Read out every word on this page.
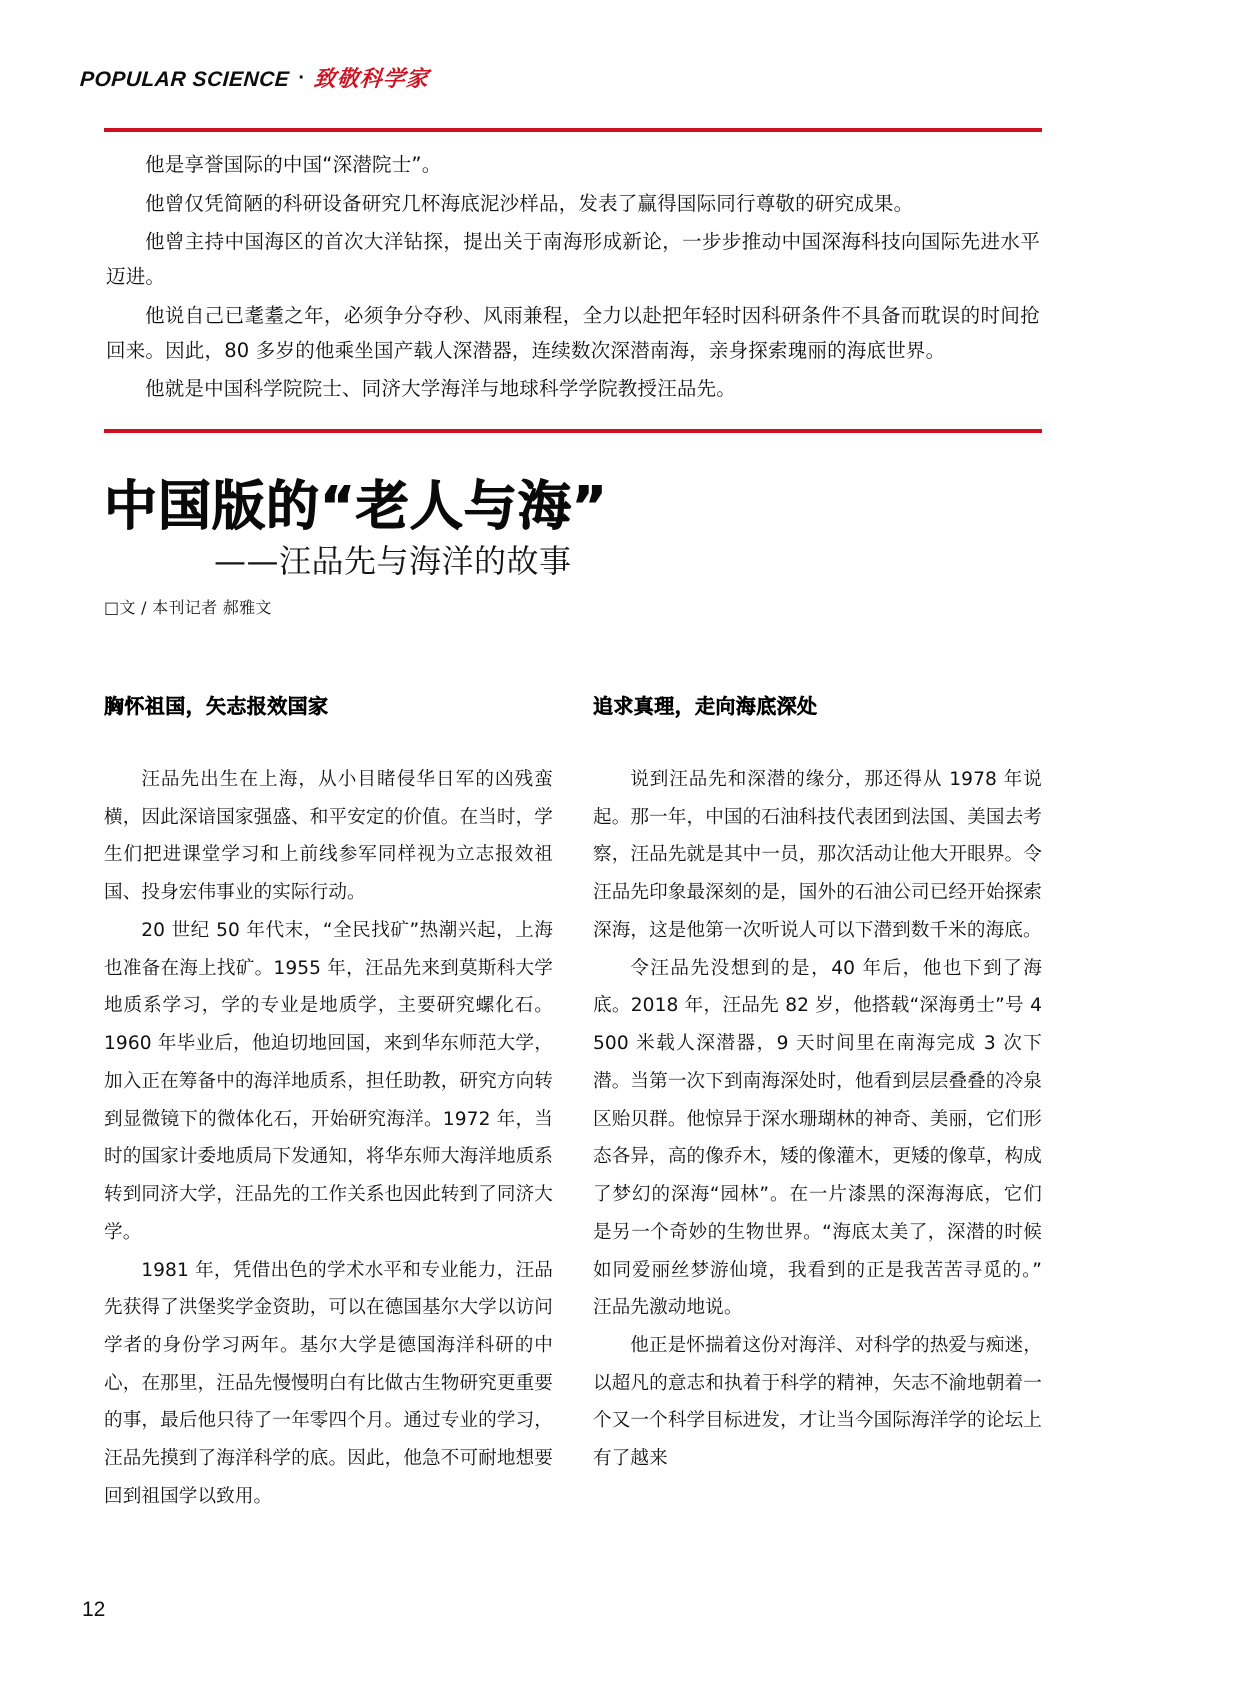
POPULAR SCIENCE · 致敬科学家

他是享誉国际的中国“深潜院士”。

他曾仅凭简陋的科研设备研究几杯海底泥沙样品，发表了赢得国际同行尊敬的研究成果。

他曾主持中国海区的首次大洋钻探，提出关于南海形成新论，一步步推动中国深海科技向国际先进水平迈进。

他说自己已耄耋之年，必须争分夺秒、风雨兼程，全力以赴把年轻时因科研条件不具备而耽误的时间抢回来。因此，80 多岁的他乘坐国产载人深潜器，连续数次深潜南海，亲身探索瑰丽的海底世界。

他就是中国科学院院士、同济大学海洋与地球科学学院教授汪品先。

中国版的“老人与海”
——汪品先与海洋的故事
□文 / 本刊记者 郝雅文
胸怀祖国，矢志报效国家

汪品先出生在上海，从小目睹侵华日军的凶残蛮横，因此深谙国家强盛、和平安定的价值。在当时，学生们把进课堂学习和上前线参军同样视为立志报效祖国、投身宏伟事业的实际行动。

20 世纪 50 年代末，“全民找矿”热潮兴起，上海也准备在海上找矿。1955 年，汪品先来到莫斯科大学地质系学习，学的专业是地质学，主要研究螺化石。1960 年毕业后，他迫切地回国，来到华东师范大学，加入正在筹备中的海洋地质系，担任助教，研究方向转到显微镜下的微体化石，开始研究海洋。1972 年，当时的国家计委地质局下发通知，将华东师大海洋地质系转到同济大学，汪品先的工作关系也因此转到了同济大学。

1981 年，凭借出色的学术水平和专业能力，汪品先获得了洪堡奖学金资助，可以在德国基尔大学以访问学者的身份学习两年。基尔大学是德国海洋科研的中心，在那里，汪品先慢慢明白有比做古生物研究更重要的事，最后他只待了一年零四个月。通过专业的学习，汪品先摸到了海洋科学的底。因此，他急不可耐地想要回到祖国学以致用。

追求真理，走向海底深处

说到汪品先和深潜的缘分，那还得从 1978 年说起。那一年，中国的石油科技代表团到法国、美国去考察，汪品先就是其中一员，那次活动让他大开眼界。令汪品先印象最深刻的是，国外的石油公司已经开始探索深海，这是他第一次听说人可以下潜到数千米的海底。

令汪品先没想到的是，40 年后，他也下到了海底。2018 年，汪品先 82 岁，他搭载“深海勇士”号 4 500 米载人深潜器，9 天时间里在南海完成 3 次下潜。当第一次下到南海深处时，他看到层层叠叠的冷泉区贻贝群。他惊异于深水珊瑚林的神奇、美丽，它们形态各异，高的像乔木，矮的像灌木，更矮的像草，构成了梦幻的深海“园林”。在一片漆黑的深海海底，它们是另一个奇妙的生物世界。“海底太美了，深潜的时候如同爱丽丝梦游仙境，我看到的正是我苦苦寻觅的。”汪品先激动地说。

他正是怀揣着这份对海洋、对科学的热爱与痴迷，以超凡的意志和执着于科学的精神，矢志不渝地朝着一个又一个科学目标进发，才让当今国际海洋学的论坛上有了越来

12
